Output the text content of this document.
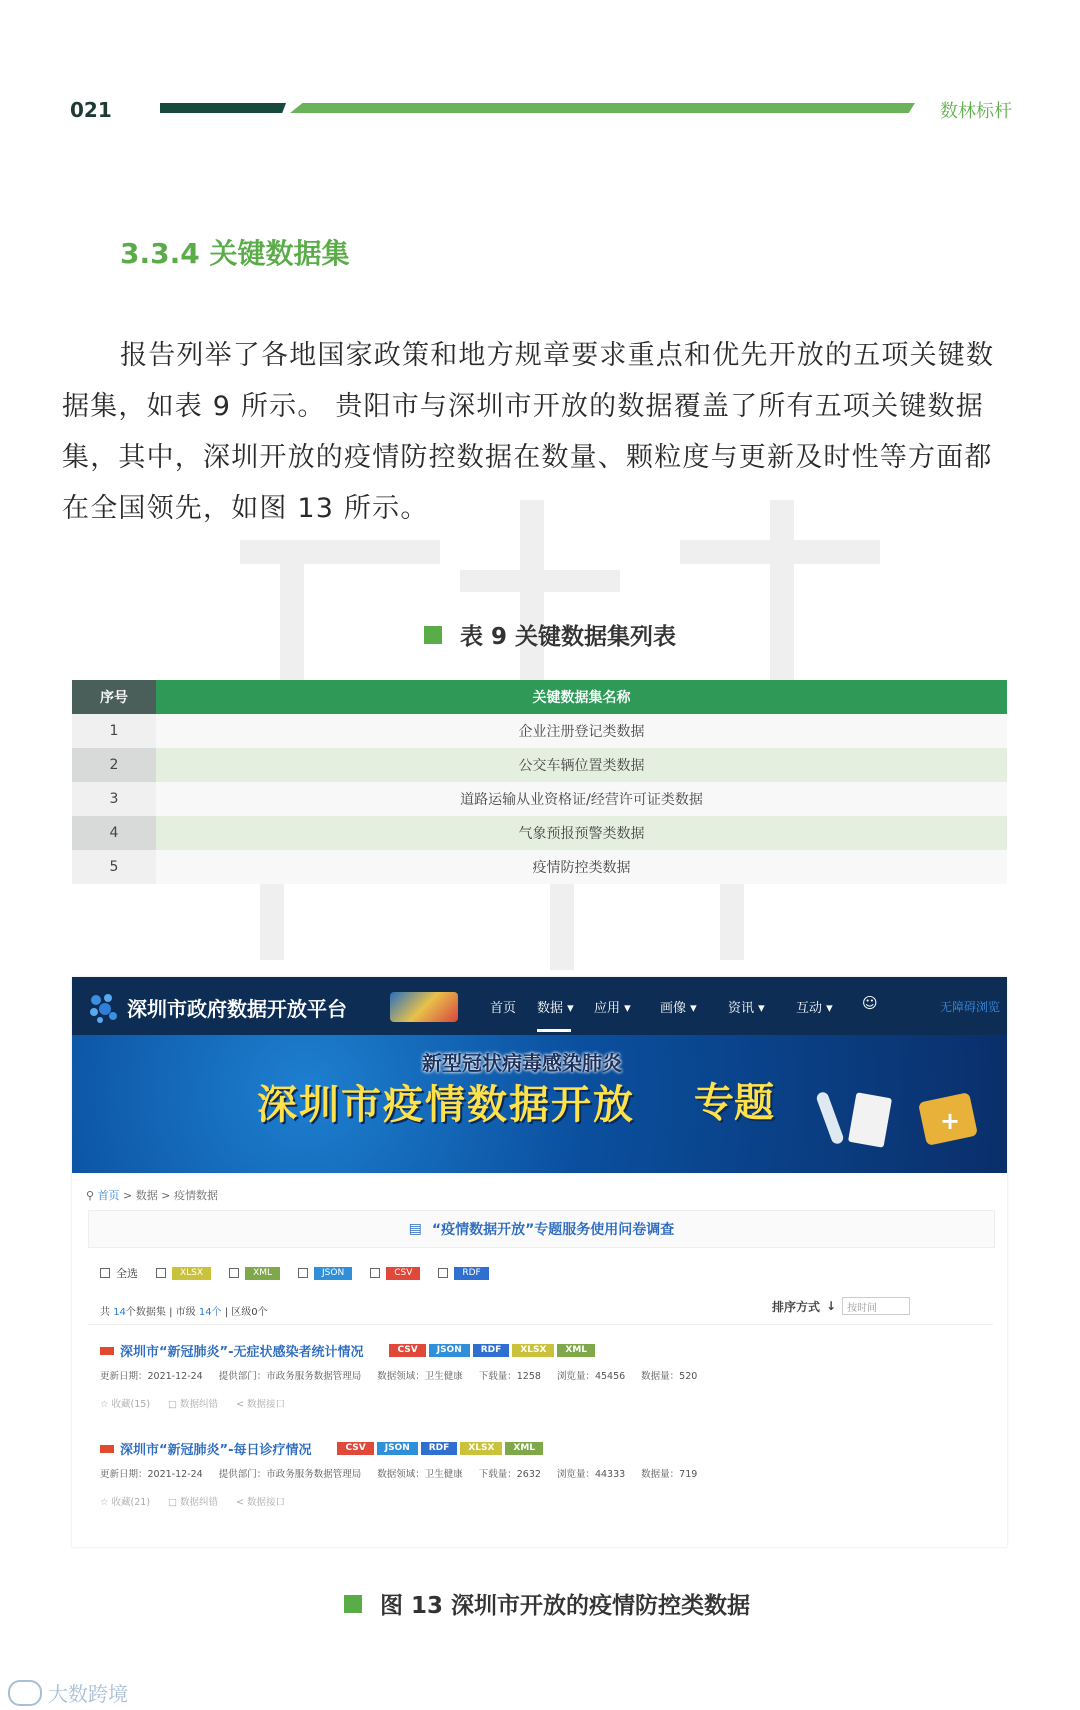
021	数林标杆
3.3.4 关键数据集
报告列举了各地国家政策和地方规章要求重点和优先开放的五项关键数据集，如表 9 所示。 贵阳市与深圳市开放的数据覆盖了所有五项关键数据集，其中，深圳开放的疫情防控数据在数量、颗粒度与更新及时性等方面都在全国领先，如图 13 所示。
表 9 关键数据集列表
序号	关键数据集名称
1	企业注册登记类数据
2	公交车辆位置类数据
3	道路运输从业资格证/经营许可证类数据
4	气象预报预警类数据
5	疫情防控类数据
深圳市政府数据开放平台	首页 数据 ▾ 应用 ▾ 画像 ▾ 资讯 ▾ 互动 ▾ ☺	无障碍浏览
新型冠状病毒感染肺炎
深圳市疫情数据开放 专题	+
⚲ 首页 > 数据 > 疫情数据
▤ “疫情数据开放”专题服务使用问卷调查
全选	XLSX	XML	JSON	CSV	RDF
共 14个数据集 | 市级 14个 | 区级0个	排序方式 ↓	按时间
深圳市“新冠肺炎”-无症状感染者统计情况	CSV	JSON	RDF	XLSX	XML
更新日期：2021-12-24 提供部门：市政务服务数据管理局 数据领域：卫生健康 下载量：1258 浏览量：45456 数据量：520
☆ 收藏(15) □ 数据纠错 < 数据接口
深圳市“新冠肺炎”-每日诊疗情况	CSV	JSON	RDF	XLSX	XML
更新日期：2021-12-24 提供部门：市政务服务数据管理局 数据领域：卫生健康 下载量：2632 浏览量：44333 数据量：719
☆ 收藏(21) □ 数据纠错 < 数据接口
图 13 深圳市开放的疫情防控类数据
大数跨境
